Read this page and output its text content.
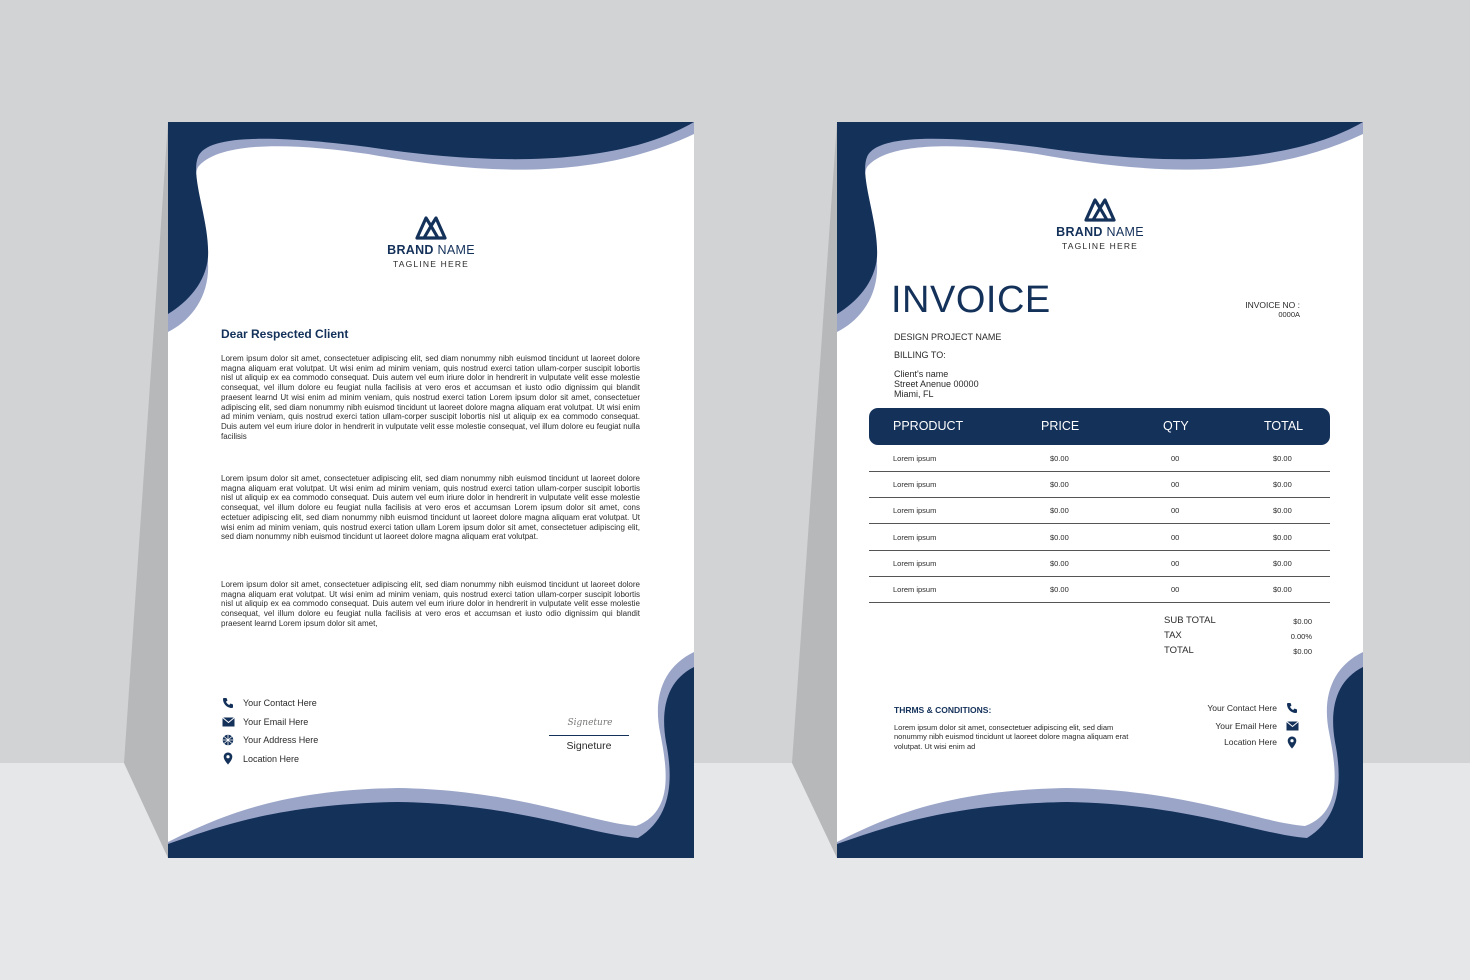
BRAND NAME
TAGLINE HERE
Dear Respected Client
Lorem ipsum dolor sit amet, consectetuer adipiscing elit, sed diam nonummy nibh euismod tincidunt ut laoreet dolore magna aliquam erat volutpat. Ut wisi enim ad minim veniam, quis nostrud exerci tation ullam-corper suscipit lobortis nisl ut aliquip ex ea commodo consequat. Duis autem vel eum iriure dolor in hendrerit in vulputate velit esse molestie consequat, vel illum dolore eu feugiat nulla facilisis at vero eros et accumsan et iusto odio dignissim qui blandit praesent learnd Ut wisi enim ad minim veniam, quis nostrud exerci tation Lorem ipsum dolor sit amet, consectetuer adipiscing elit, sed diam nonummy nibh euismod tincidunt ut laoreet dolore magna aliquam erat volutpat. Ut wisi enim ad minim veniam, quis nostrud exerci tation ullam-corper suscipit lobortis nisl ut aliquip ex ea commodo consequat. Duis autem vel eum iriure dolor in hendrerit in vulputate velit esse molestie consequat, vel illum dolore eu feugiat nulla facilisis
Lorem ipsum dolor sit amet, consectetuer adipiscing elit, sed diam nonummy nibh euismod tincidunt ut laoreet dolore magna aliquam erat volutpat. Ut wisi enim ad minim veniam, quis nostrud exerci tation ullam-corper suscipit lobortis nisl ut aliquip ex ea commodo consequat. Duis autem vel eum iriure dolor in hendrerit in vulputate velit esse molestie consequat, vel illum dolore eu feugiat nulla facilisis at vero eros et accumsan Lorem ipsum dolor sit amet, cons ectetuer adipiscing elit, sed diam nonummy nibh euismod tincidunt ut laoreet dolore magna aliquam erat volutpat. Ut wisi enim ad minim veniam, quis nostrud exerci tation ullam Lorem ipsum dolor sit amet, consectetuer adipiscing elit, sed diam nonummy nibh euismod tincidunt ut laoreet dolore magna aliquam erat volutpat.
Lorem ipsum dolor sit amet, consectetuer adipiscing elit, sed diam nonummy nibh euismod tincidunt ut laoreet dolore magna aliquam erat volutpat. Ut wisi enim ad minim veniam, quis nostrud exerci tation ullam-corper suscipit lobortis nisl ut aliquip ex ea commodo consequat. Duis autem vel eum iriure dolor in hendrerit in vulputate velit esse molestie consequat, vel illum dolore eu feugiat nulla facilisis at vero eros et accumsan et iusto odio dignissim qui blandit praesent learnd Lorem ipsum dolor sit amet,
Your Contact Here
Your Email Here
Your Address Here
Location Here
Signeture
Signeture
BRAND NAME
TAGLINE HERE
INVOICE	INVOICE NO :
0000A
DESIGN PROJECT NAME
BILLING TO:
Client's name
Street Anenue 00000
Miami, FL
PPRODUCT	PRICE	QTY	TOTAL
SUB TOTAL	$0.00
TAX	0.00%
TOTAL	$0.00
THRMS & CONDITIONS:
Lorem ipsum dolor sit amet, consectetuer adipiscing elit, sed diam nonummy nibh euismod tincidunt ut laoreet dolore magna aliquam erat volutpat. Ut wisi enim ad
Your Contact Here
Your Email Here
Location Here
Lorem ipsum	$0.00	00	$0.00
Lorem ipsum	$0.00	00	$0.00
Lorem ipsum	$0.00	00	$0.00
Lorem ipsum	$0.00	00	$0.00
Lorem ipsum	$0.00	00	$0.00
Lorem ipsum	$0.00	00	$0.00
